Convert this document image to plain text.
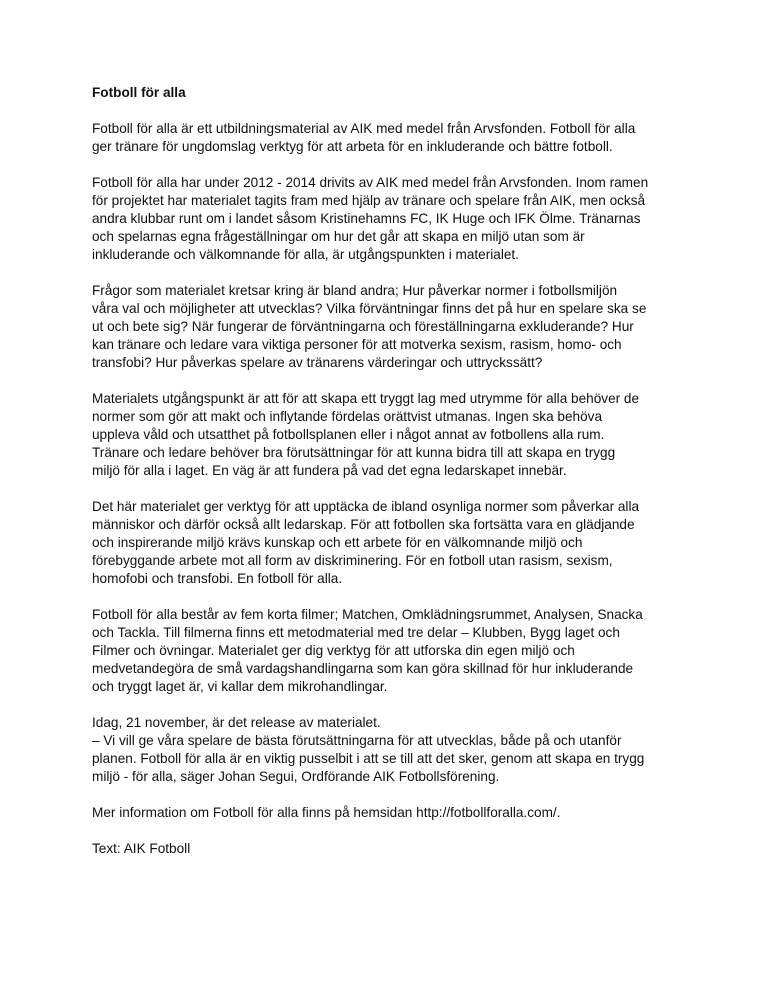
Fotboll för alla
Fotboll för alla är ett utbildningsmaterial av AIK med medel från Arvsfonden. Fotboll för alla
ger tränare för ungdomslag verktyg för att arbeta för en inkluderande och bättre fotboll.
Fotboll för alla har under 2012 - 2014 drivits av AIK med medel från Arvsfonden. Inom ramen
för projektet har materialet tagits fram med hjälp av tränare och spelare från AIK, men också
andra klubbar runt om i landet såsom Kristinehamns FC, IK Huge och IFK Ölme. Tränarnas
och spelarnas egna frågeställningar om hur det går att skapa en miljö utan som är
inkluderande och välkomnande för alla, är utgångspunkten i materialet.
Frågor som materialet kretsar kring är bland andra; Hur påverkar normer i fotbollsmiljön
våra val och möjligheter att utvecklas? Vilka förväntningar finns det på hur en spelare ska se
ut och bete sig? När fungerar de förväntningarna och föreställningarna exkluderande? Hur
kan tränare och ledare vara viktiga personer för att motverka sexism, rasism, homo- och
transfobi? Hur påverkas spelare av tränarens värderingar och uttryckssätt?
Materialets utgångspunkt är att för att skapa ett tryggt lag med utrymme för alla behöver de
normer som gör att makt och inflytande fördelas orättvist utmanas. Ingen ska behöva
uppleva våld och utsatthet på fotbollsplanen eller i något annat av fotbollens alla rum.
Tränare och ledare behöver bra förutsättningar för att kunna bidra till att skapa en trygg
miljö för alla i laget. En väg är att fundera på vad det egna ledarskapet innebär.
Det här materialet ger verktyg för att upptäcka de ibland osynliga normer som påverkar alla
människor och därför också allt ledarskap. För att fotbollen ska fortsätta vara en glädjande
och inspirerande miljö krävs kunskap och ett arbete för en välkomnande miljö och
förebyggande arbete mot all form av diskriminering. För en fotboll utan rasism, sexism,
homofobi och transfobi. En fotboll för alla.
Fotboll för alla består av fem korta filmer; Matchen, Omklädningsrummet, Analysen, Snacka
och Tackla. Till filmerna finns ett metodmaterial med tre delar – Klubben, Bygg laget och
Filmer och övningar. Materialet ger dig verktyg för att utforska din egen miljö och
medvetandegöra de små vardagshandlingarna som kan göra skillnad för hur inkluderande
och tryggt laget är, vi kallar dem mikrohandlingar.
Idag, 21 november, är det release av materialet.
– Vi vill ge våra spelare de bästa förutsättningarna för att utvecklas, både på och utanför
planen. Fotboll för alla är en viktig pusselbit i att se till att det sker, genom att skapa en trygg
miljö - för alla, säger Johan Segui, Ordförande AIK Fotbollsförening.
Mer information om Fotboll för alla finns på hemsidan http://fotbollforalla.com/.
Text: AIK Fotboll
